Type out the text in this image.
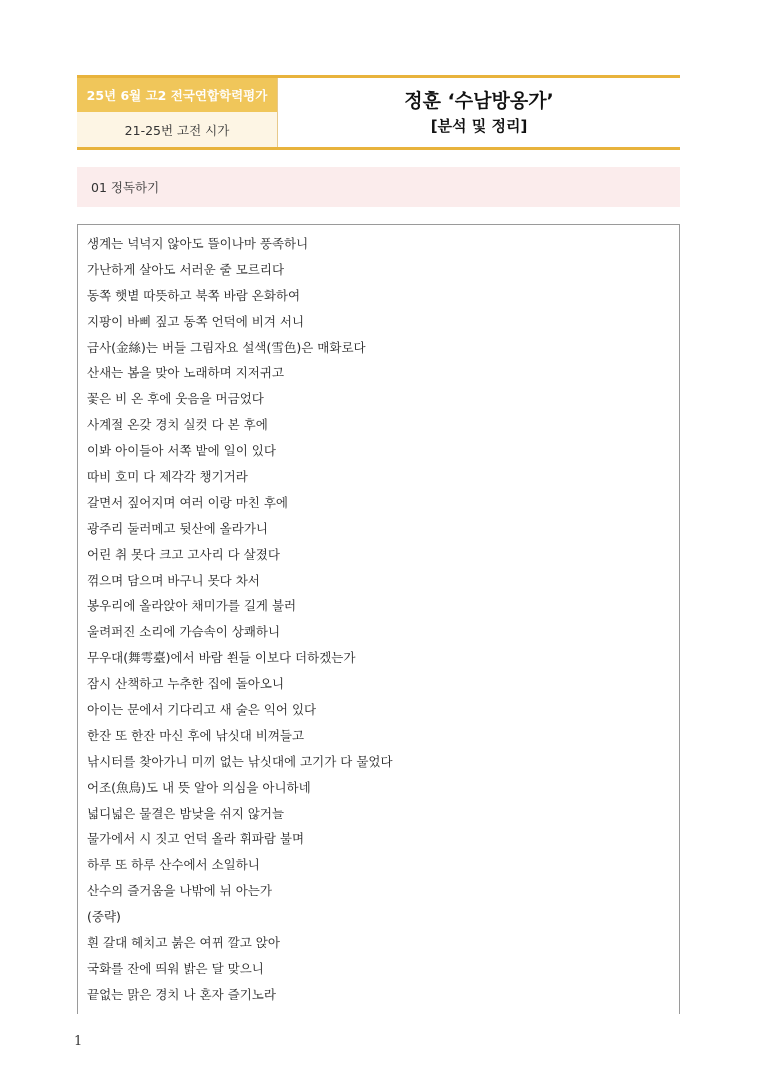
25년 6월 고2 전국연합학력평가
21-25번 고전 시가
정훈 ‘수남방옹가’
[분석 및 정리]
01 정독하기
생계는 넉넉지 않아도 뜰이나마 풍족하니
가난하게 살아도 서러운 줄 모르리다
동쪽 햇볕 따뜻하고 북쪽 바람 온화하여
지팡이 바삐 짚고 동쪽 언덕에 비겨 서니
금사(金絲)는 버들 그림자요 설색(雪色)은 매화로다
산새는 봄을 맞아 노래하며 지저귀고
꽃은 비 온 후에 웃음을 머금었다
사계절 온갖 경치 실컷 다 본 후에
이봐 아이들아 서쪽 밭에 일이 있다
따비 호미 다 제각각 챙기거라
갈면서 짚어지며 여러 이랑 마친 후에
광주리 둘러메고 뒷산에 올라가니
어린 취 못다 크고 고사리 다 살졌다
꺾으며 담으며 바구니 못다 차서
봉우리에 올라앉아 채미가를 길게 불러
울려퍼진 소리에 가슴속이 상쾌하니
무우대(舞雩臺)에서 바람 쐰들 이보다 더하겠는가
잠시 산책하고 누추한 집에 돌아오니
아이는 문에서 기다리고 새 술은 익어 있다
한잔 또 한잔 마신 후에 낚싯대 비껴들고
낚시터를 찾아가니 미끼 없는 낚싯대에 고기가 다 물었다
어조(魚鳥)도 내 뜻 알아 의심을 아니하네
넓디넓은 물결은 밤낮을 쉬지 않거늘
물가에서 시 짓고 언덕 올라 휘파람 불며
하루 또 하루 산수에서 소일하니
산수의 즐거움을 나밖에 뉘 아는가
(중략)
흰 갈대 헤치고 붉은 여뀌 깔고 앉아
국화를 잔에 띄워 밝은 달 맞으니
끝없는 맑은 경치 나 혼자 즐기노라
1
